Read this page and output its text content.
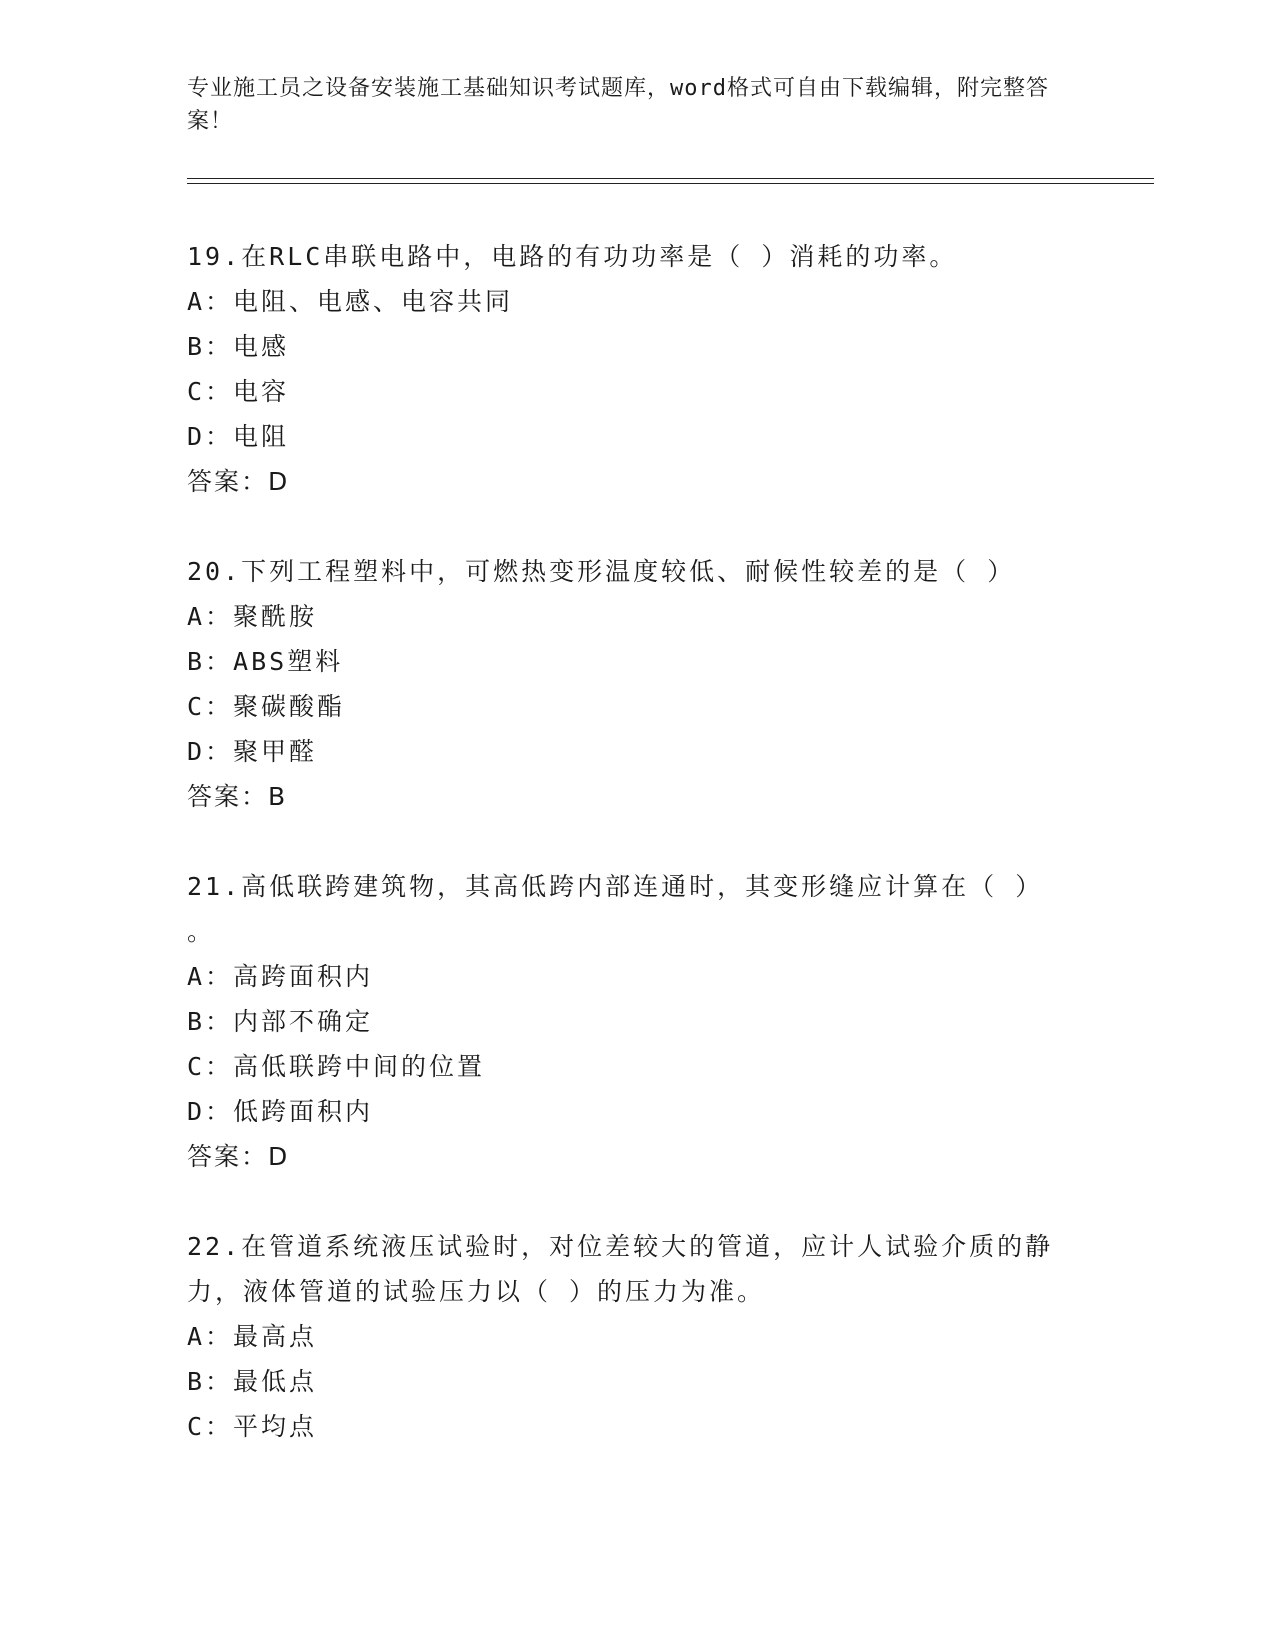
专业施工员之设备安装施工基础知识考试题库，word格式可自由下载编辑，附完整答案！
19.在RLC串联电路中，电路的有功功率是（ ）消耗的功率。
A：电阻、电感、电容共同
B：电感
C：电容
D：电阻
答案：D
20.下列工程塑料中，可燃热变形温度较低、耐候性较差的是（ ）
A：聚酰胺
B：ABS塑料
C：聚碳酸酯
D：聚甲醛
答案：B
21.高低联跨建筑物，其高低跨内部连通时，其变形缝应计算在（ ）
。
A：高跨面积内
B：内部不确定
C：高低联跨中间的位置
D：低跨面积内
答案：D
22.在管道系统液压试验时，对位差较大的管道，应计人试验介质的静力，液体管道的试验压力以（ ）的压力为准。
A：最高点
B：最低点
C：平均点
